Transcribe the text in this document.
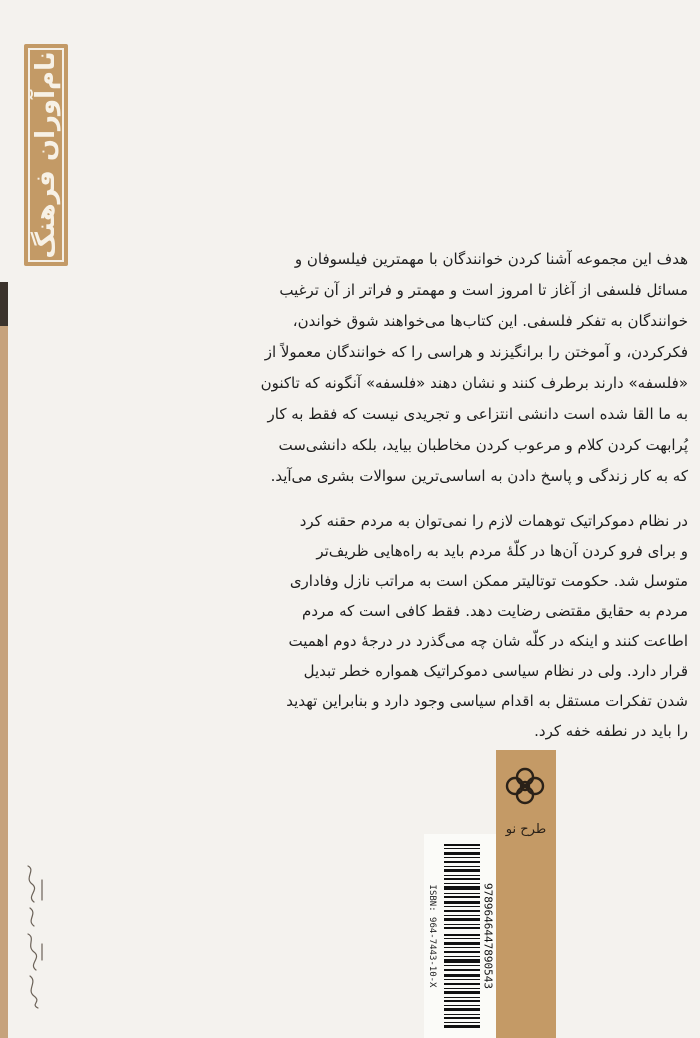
نام‌آوران فرهنگ
هدف این مجموعه آشنا کردن خوانندگان با مهمترین فیلسوفان و
مسائل فلسفی از آغاز تا امروز است و مهمتر و فراتر از آن ترغیب
خوانندگان به تفکر فلسفی. این کتاب‌ها می‌خواهند شوق خواندن،
فکرکردن، و آموختن را برانگیزند و هراسی را که خوانندگان معمولاً از
«فلسفه» دارند برطرف کنند و نشان دهند «فلسفه» آنگونه که تاکنون
به ما القا شده است دانشی انتزاعی و تجریدی نیست که فقط به کار
پُرابهت کردن کلام و مرعوب کردن مخاطبان بیاید، بلکه دانشی‌ست
که به کار زندگی و پاسخ دادن به اساسی‌ترین سوالات بشری می‌آید.
در نظام دموکراتیک توهمات لازم را نمی‌توان به مردم حقنه کرد
و برای فرو کردن آن‌ها در کلّهٔ مردم باید به راه‌هایی ظریف‌تر
متوسل شد. حکومت توتالیتر ممکن است به مراتب نازل وفاداری
مردم به حقایق مقتضی رضایت دهد. فقط کافی است که مردم
اطاعت کنند و اینکه در کلّه شان چه می‌گذرد در درجهٔ دوم اهمیت
قرار دارد. ولی در نظام سیاسی دموکراتیک همواره خطر تبدیل
شدن تفکرات مستقل به اقدام سیاسی وجود دارد و بنابراین تهدید
را باید در نطفه خفه کرد.
طرح نو
ISBN: 964-7443-10-X	9789646447890543
